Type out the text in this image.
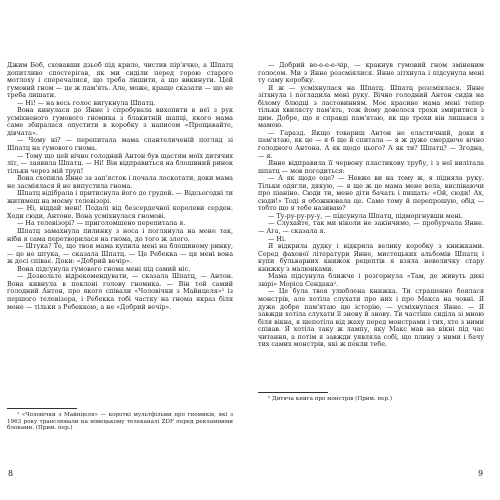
Джим Боб, сховавши дзьоб під крило, чистив пір'ячко, а Шпатц допитливо спостерігав, як ми сиділи перед горою старого мотлоху і сперечалися, що треба лишити, а що викинути. Цей гумовий гном — це ж пам'ять. Але, може, краще сказати — що не треба лишати.

— Ні! — на весь голос вигукнула Шпатц.

Вона кинулася до Янне і спробувала вихопити в неї з рук усміхненого гумового гномика з блакитній шапці, якого мама саме збиралася опустити в коробку з написом «Прощавайте, дівчата».

— Чому ні? — перепитала мама спантеличеній погляд зі Шпатц на гумового гнома.

— Тому що цей вічно голодний Антон був щастям моїх дитячих літ, — заявила Шпатц. — Ні! Він відправиться на блошиний ринок тільки через мій труп!

Вона схопила Янне за зап'ясток і почала лоскотати, доки мама не засміялася й не випустила гнома.

Шпатц відібрала і притиснула його до грудей. — Відсьогодні ти житимеш на моєму телевізорі.

— Ні, віддай мені! Подалі від безсердечної королеви серден. Ходи сюди, Антоне. Вона усміхнулася гномові.

— На телевізорі? — приголомшено перепитала я.

Шпатц замахнула пилинку з носа і поглянула на мене так, ніби я сама перетворилася на гнома, до того ж злого.

— Штука? Те, що твоя мама купила мені на блошиному ринку, — це не штука, — сказала Шпатц. — Це Ребекка — ця мені вона ж досі співає. Доки: «Добрий вечір».

Вона підсунула гумового гнома мені під самий ніс.

— Дозвольте відрекомендувати, — сказала Шпатц, — Антон. Вона кивнула в поклоні голову гномика. — Він той самий голодний Антон, про якого співали «Чоловічки з Майнцеля»¹ із першого телевізора, і Ребекка тобі частку на гнома якраз біля мене — тільки з Ребеккою, а не «Добрий вечір».

¹ «Чоловічки з Майнцеля» — короткі мультфільми про гномиків, які з 1963 року транслювали на німецькому телеканалі ZDF перед рекламними блоками. (Прим. пер.)

8

— Добрий ве-е-е-е-чір, — кракнув гумовий гном зміненим голосом. Ми з Янне розсміялися. Янне зітхнула і підсунула мені ту саму коробку.

Я ж — усміхнулася на Шпатц. Шпатц розсміялася. Янне зітхнула і погладила мені руку. Вічно голодний Антон сидів на білому блюдці з ластовинням. Моє красиве мама мені тепер тільки хвилясту пам'ять, тож йому довелося трохи змиритися з цим. Добре, що я справді пам'ятаю, як ще трохи він лишався з мамою.

— Гаразд. Якщо товариш Антон не еластичний, доки я пам'ятаю, як це — я б ще й спитала — я ж дуже смердюче вічно голодного Антона. А як щодо цього? А як ти? Шпатц? — Згодна, — я.

Янне відправила її червону пластикову трубу, і з неї вилітала шпатц — мов погодиться:

— А як щодо оце? — Невже ви на тому ж, я підняла руку. Тільки одягли, дякую, — я ще ж це мама мене вела, виспіваючи про піаніно. Сюди ти, мене діти бачать і пищать: «Ой, сюди! Ах, сюди!» Тоді я обожнювала це. Саме тому й перепрошую, обід — тобто що я тебе називаю?

— Ту-ру-ру-ру-у, — підсунула Шпатц, підморгнувши мені.

— Слухайте, так ми ніколи не закінчимо, — пробурчала Янне. — Ага, — сказала я.

— Ні.

Я відкрила дудку і відкрила велику коробку з книжками. Серед фахової літератури Янне, мистецьких альбомів Шпатц і купи бульварних книжок рецептів я взяла невеличку стару книжку з малюнками.

Мама підсунула ближче і розгорнула «Там, де живуть дикі звірі» Моріса Сендака².

— Це була твоя улюблена книжка. Ти страшенно боялася монстрів, але хотіла слухати про них і про Макса на човні. Я дуже добре пам'ятаю цю історію, — усміхнулася Янне. — Я завжди хотіла слухати її знову й знову. Ти частіше сиділа зі мною біля вікна, я шепотіла від жаху перед монстрами і тих, хто з ними співав. Я хотіла таку ж лампу, яку Макс мав на вікні під час читання, а потім я завжди уявляла собі, що пливу з ними і бачу тих самих монстрів, які ж пекли тебе.

² Дитяча книга про монстрів (Прим. пер.)

9
